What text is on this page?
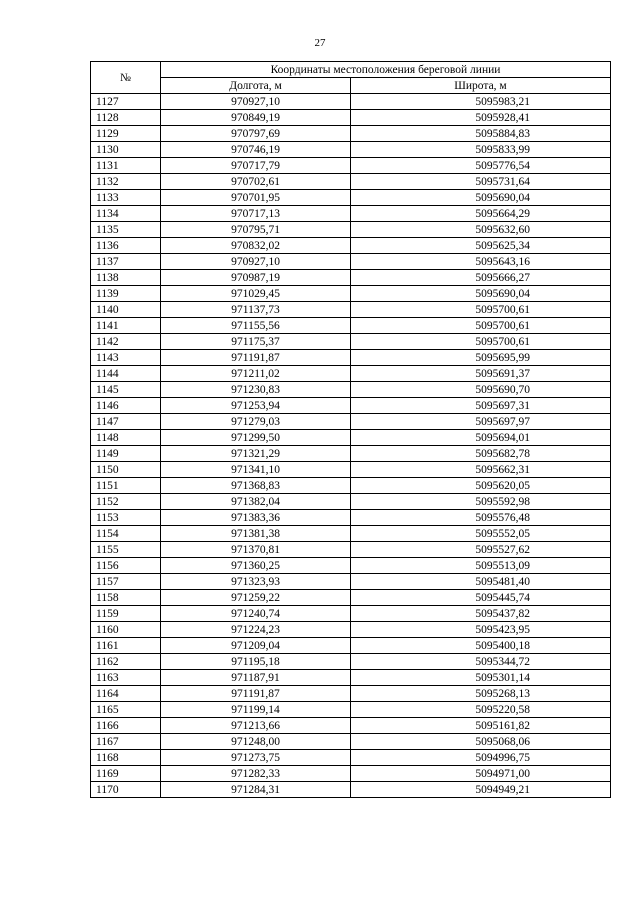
27
№	Координаты местоположения береговой линии	
	Долгота, м	Широта, м
1127	970927,10	5095983,21
1128	970849,19	5095928,41
1129	970797,69	5095884,83
1130	970746,19	5095833,99
1131	970717,79	5095776,54
1132	970702,61	5095731,64
1133	970701,95	5095690,04
1134	970717,13	5095664,29
1135	970795,71	5095632,60
1136	970832,02	5095625,34
1137	970927,10	5095643,16
1138	970987,19	5095666,27
1139	971029,45	5095690,04
1140	971137,73	5095700,61
1141	971155,56	5095700,61
1142	971175,37	5095700,61
1143	971191,87	5095695,99
1144	971211,02	5095691,37
1145	971230,83	5095690,70
1146	971253,94	5095697,31
1147	971279,03	5095697,97
1148	971299,50	5095694,01
1149	971321,29	5095682,78
1150	971341,10	5095662,31
1151	971368,83	5095620,05
1152	971382,04	5095592,98
1153	971383,36	5095576,48
1154	971381,38	5095552,05
1155	971370,81	5095527,62
1156	971360,25	5095513,09
1157	971323,93	5095481,40
1158	971259,22	5095445,74
1159	971240,74	5095437,82
1160	971224,23	5095423,95
1161	971209,04	5095400,18
1162	971195,18	5095344,72
1163	971187,91	5095301,14
1164	971191,87	5095268,13
1165	971199,14	5095220,58
1166	971213,66	5095161,82
1167	971248,00	5095068,06
1168	971273,75	5094996,75
1169	971282,33	5094971,00
1170	971284,31	5094949,21
